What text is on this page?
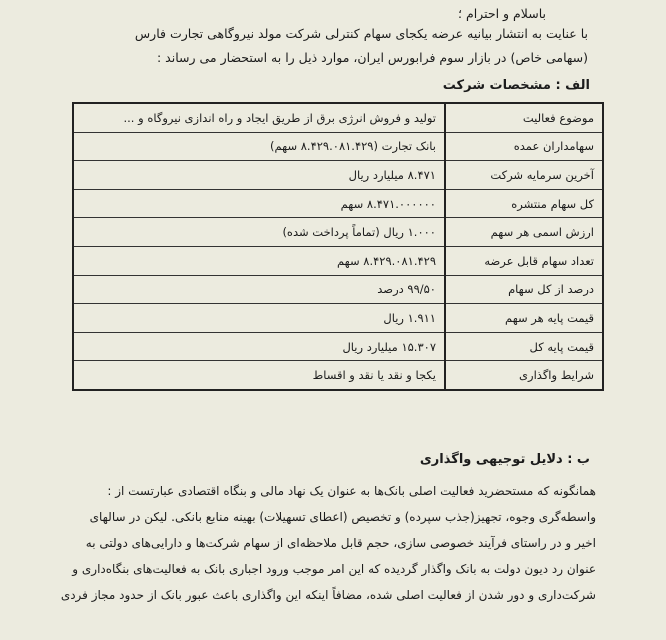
باسلام و احترام ؛
با عنایت به انتشار بیانیه عرضه یکجای سهام کنترلی شرکت مولد نیروگاهی تجارت فارس
(سهامی خاص) در بازار سوم فرابورس ایران، موارد ذیل را به استحضار می رساند :
الف : مشخصات شرکت
موضوع فعالیت	تولید و فروش انرژی برق از طریق ایجاد و راه اندازی نیروگاه و ...
سهامداران عمده	بانک تجارت (۸.۴۲۹.۰۸۱.۴۲۹ سهم)
آخرین سرمایه شرکت	۸.۴۷۱ میلیارد ریال
کل سهام منتشره	۸.۴۷۱.۰۰۰۰۰۰ سهم
ارزش اسمی هر سهم	۱.۰۰۰ ریال (تماماً پرداخت شده)
تعداد سهام قابل عرضه	۸.۴۲۹.۰۸۱.۴۲۹ سهم
درصد از کل سهام	۹۹/۵۰ درصد
قیمت پایه هر سهم	۱.۹۱۱ ریال
قیمت پایه کل	۱۵.۳۰۷ میلیارد ریال
شرایط واگذاری	یکجا و نقد یا نقد و اقساط
ب : دلایل توجیهی واگذاری

همانگونه که مستحضرید فعالیت اصلی بانک‌ها به عنوان یک نهاد مالی و بنگاه اقتصادی عبارتست از :

واسطه‌گری وجوه، تجهیز(جذب سپرده) و تخصیص (اعطای تسهیلات) بهینه منابع بانکی. لیکن در سالهای

اخیر و در راستای فرآیند خصوصی سازی، حجم قابل ملاحظه‌ای از سهام شرکت‌ها و دارایی‌های دولتی به

عنوان رد دیون دولت به بانک واگذار گردیده که این امر موجب ورود اجباری بانک به فعالیت‌های بنگاه‌داری و

شرکت‌داری و دور شدن از فعالیت اصلی شده، مضافاً اینکه این واگذاری باعث عبور بانک از حدود مجاز فردی
